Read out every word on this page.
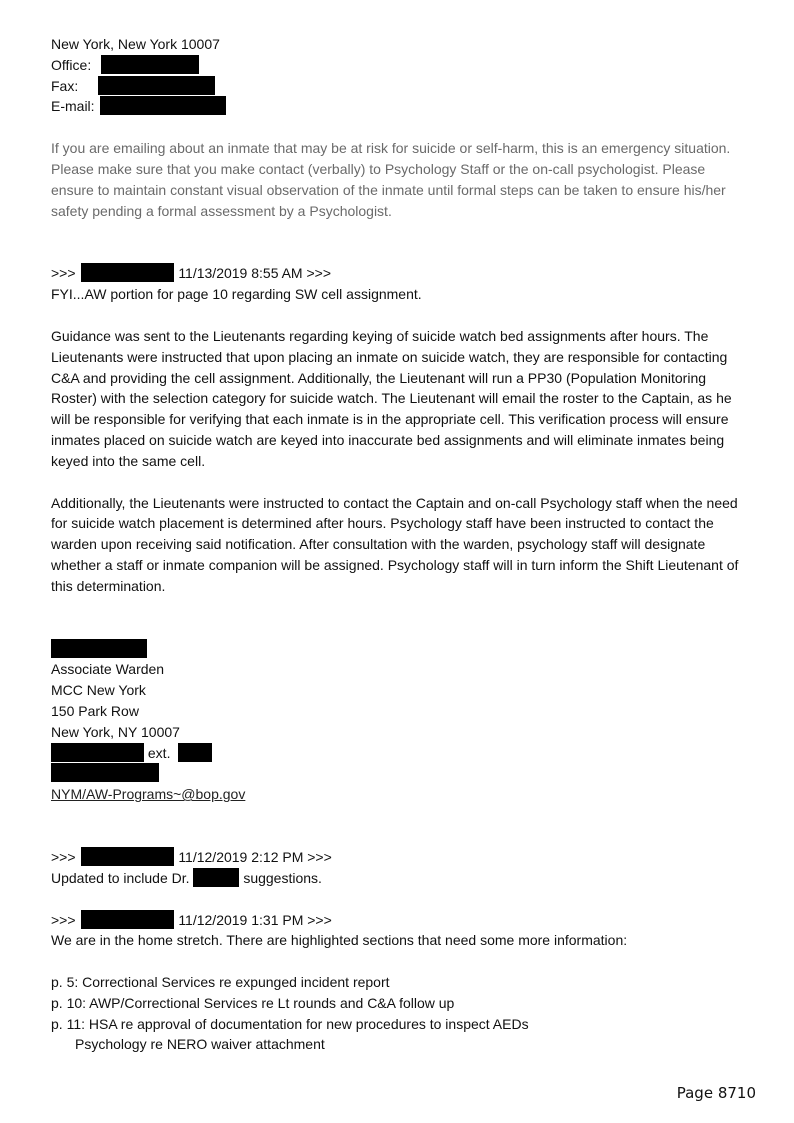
New York, New York 10007
Office:
Fax:
E-mail:

If you are emailing about an inmate that may be at risk for suicide or self-harm, this is an emergency situation. Please make sure that you make contact (verbally) to Psychology Staff or the on-call psychologist. Please ensure to maintain constant visual observation of the inmate until formal steps can be taken to ensure his/her safety pending a formal assessment by a Psychologist.

>>>	11/13/2019 8:55 AM >>>
FYI...AW portion for page 10 regarding SW cell assignment.

Guidance was sent to the Lieutenants regarding keying of suicide watch bed assignments after hours. The Lieutenants were instructed that upon placing an inmate on suicide watch, they are responsible for contacting C&A and providing the cell assignment. Additionally, the Lieutenant will run a PP30 (Population Monitoring Roster) with the selection category for suicide watch. The Lieutenant will email the roster to the Captain, as he will be responsible for verifying that each inmate is in the appropriate cell. This verification process will ensure inmates placed on suicide watch are keyed into inaccurate bed assignments and will eliminate inmates being keyed into the same cell.

Additionally, the Lieutenants were instructed to contact the Captain and on-call Psychology staff when the need for suicide watch placement is determined after hours. Psychology staff have been instructed to contact the warden upon receiving said notification. After consultation with the warden, psychology staff will designate whether a staff or inmate companion will be assigned. Psychology staff will in turn inform the Shift Lieutenant of this determination.

Associate Warden
MCC New York
150 Park Row
New York, NY 10007
ext.
NYM/AW-Programs~@bop.gov
>>>	11/12/2019 2:12 PM >>>
Updated to include Dr.	suggestions.
>>>	11/12/2019 1:31 PM >>>
We are in the home stretch. There are highlighted sections that need some more information:
p. 5: Correctional Services re expunged incident report
p. 10: AWP/Correctional Services re Lt rounds and C&A follow up
p. 11: HSA re approval of documentation for new procedures to inspect AEDs
Psychology re NERO waiver attachment
Page 8710
